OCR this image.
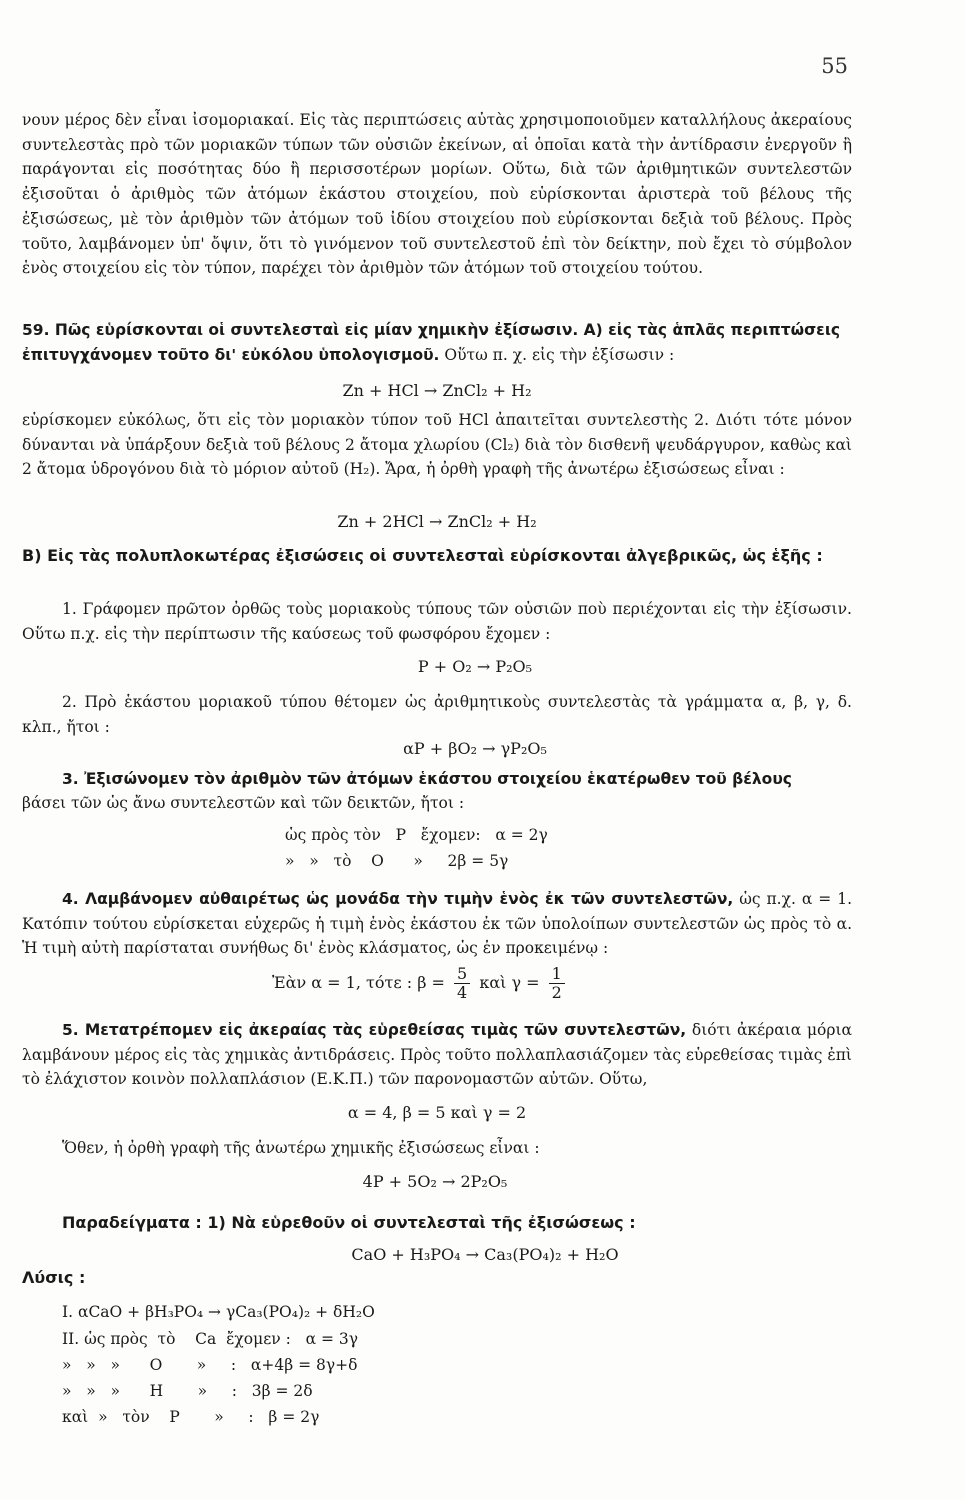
55
νουν μέρος δὲν εἶναι ἰσομοριακαί. Εἰς τὰς περιπτώσεις αὐτὰς χρησιμοποιοῦμεν καταλλήλους ἀκεραίους συντελεστὰς πρὸ τῶν μοριακῶν τύπων τῶν οὐσιῶν ἐκείνων, αἱ ὁποῖαι κατὰ τὴν ἀντίδρασιν ἐνεργοῦν ἢ παράγονται εἰς ποσότητας δύο ἢ περισσοτέρων μορίων. Οὕτω, διὰ τῶν ἀριθμητικῶν συντελεστῶν ἐξισοῦται ὁ ἀριθμὸς τῶν ἀτόμων ἑκάστου στοιχείου, ποὺ εὑρίσκονται ἀριστερὰ τοῦ βέλους τῆς ἐξισώσεως, μὲ τὸν ἀριθμὸν τῶν ἀτόμων τοῦ ἰδίου στοιχείου ποὺ εὑρίσκονται δεξιὰ τοῦ βέλους. Πρὸς τοῦτο, λαμβάνομεν ὑπ' ὄψιν, ὅτι τὸ γινόμενον τοῦ συντελεστοῦ ἐπὶ τὸν δείκτην, ποὺ ἔχει τὸ σύμβολον ἑνὸς στοιχείου εἰς τὸν τύπον, παρέχει τὸν ἀριθμὸν τῶν ἀτόμων τοῦ στοιχείου τούτου.
59. Πῶς εὑρίσκονται οἱ συντελεσταὶ εἰς μίαν χημικὴν ἐξίσωσιν. Α) εἰς τὰς ἁπλᾶς περιπτώσεις ἐπιτυγχάνομεν τοῦτο δι' εὐκόλου ὑπολογισμοῦ. Οὕτω π. χ. εἰς τὴν ἐξίσωσιν :
Zn + HCl → ZnCl₂ + H₂
εὑρίσκομεν εὐκόλως, ὅτι εἰς τὸν μοριακὸν τύπον τοῦ HCl ἀπαιτεῖται συντελεστὴς 2. Διότι τότε μόνον δύνανται νὰ ὑπάρξουν δεξιὰ τοῦ βέλους 2 ἄτομα χλωρίου (Cl₂) διὰ τὸν δισθενῆ ψευδάργυρον, καθὼς καὶ 2 ἄτομα ὑδρογόνου διὰ τὸ μόριον αὐτοῦ (H₂). Ἄρα, ἡ ὀρθὴ γραφὴ τῆς ἀνωτέρω ἐξισώσεως εἶναι :
Zn + 2HCl → ZnCl₂ + H₂
Β) Εἰς τὰς πολυπλοκωτέρας ἐξισώσεις οἱ συντελεσταὶ εὑρίσκονται ἀλγεβρικῶς, ὡς ἑξῆς :
1. Γράφομεν πρῶτον ὀρθῶς τοὺς μοριακοὺς τύπους τῶν οὐσιῶν ποὺ περιέχονται εἰς τὴν ἐξίσωσιν. Οὕτω π.χ. εἰς τὴν περίπτωσιν τῆς καύσεως τοῦ φωσφόρου ἔχομεν :
P + O₂ → P₂O₅
2. Πρὸ ἑκάστου μοριακοῦ τύπου θέτομεν ὡς ἀριθμητικοὺς συντελεστὰς τὰ γράμματα α, β, γ, δ. κλπ., ἤτοι :
αP + βO₂ → γP₂O₅
3. Ἐξισώνομεν τὸν ἀριθμὸν τῶν ἀτόμων ἑκάστου στοιχείου ἑκατέρωθεν τοῦ βέλους
βάσει τῶν ὡς ἄνω συντελεστῶν καὶ τῶν δεικτῶν, ἤτοι :
ὡς πρὸς τὸν   P   ἔχομεν:   α = 2γ
»   »   τὸ    O      »     2β = 5γ
4. Λαμβάνομεν αὐθαιρέτως ὡς μονάδα τὴν τιμὴν ἑνὸς ἐκ τῶν συντελεστῶν, ὡς π.χ. α = 1. Κατόπιν τούτου εὑρίσκεται εὐχερῶς ἡ τιμὴ ἑνὸς ἑκάστου ἐκ τῶν ὑπολοίπων συντελεστῶν ὡς πρὸς τὸ α. Ἡ τιμὴ αὐτὴ παρίσταται συνήθως δι' ἑνὸς κλάσματος, ὡς ἐν προκειμένῳ :
Ἐὰν α = 1, τότε : $\beta = \frac{5}{4}$ καὶ $\gamma = \frac{1}{2}$
5. Μετατρέπομεν εἰς ἀκεραίας τὰς εὑρεθείσας τιμὰς τῶν συντελεστῶν, διότι ἀκέραια μόρια λαμβάνουν μέρος εἰς τὰς χημικὰς ἀντιδράσεις. Πρὸς τοῦτο πολλαπλασιάζομεν τὰς εὑρεθείσας τιμὰς ἐπὶ τὸ ἐλάχιστον κοινὸν πολλαπλάσιον (Ε.Κ.Π.) τῶν παρονομαστῶν αὐτῶν. Οὕτω,
α = 4, β = 5 καὶ γ = 2
Ὅθεν, ἡ ὀρθὴ γραφὴ τῆς ἀνωτέρω χημικῆς ἐξισώσεως εἶναι :
4P + 5O₂ → 2P₂O₅
Παραδείγματα : 1) Νὰ εὑρεθοῦν οἱ συντελεσταὶ τῆς ἐξισώσεως :
CaO + H₃PO₄ → Ca₃(PO₄)₂ + H₂O
Λύσις :
Ι. αCaO + βH₃PO₄ → γCa₃(PO₄)₂ + δH₂O
ΙΙ. ὡς πρὸς  τὸ    Ca  ἔχομεν :   α = 3γ
»   »   »      O       »     :   α+4β = 8γ+δ
»   »   »      H       »     :   3β = 2δ
καὶ  »   τὸν    P       »     :   β = 2γ
